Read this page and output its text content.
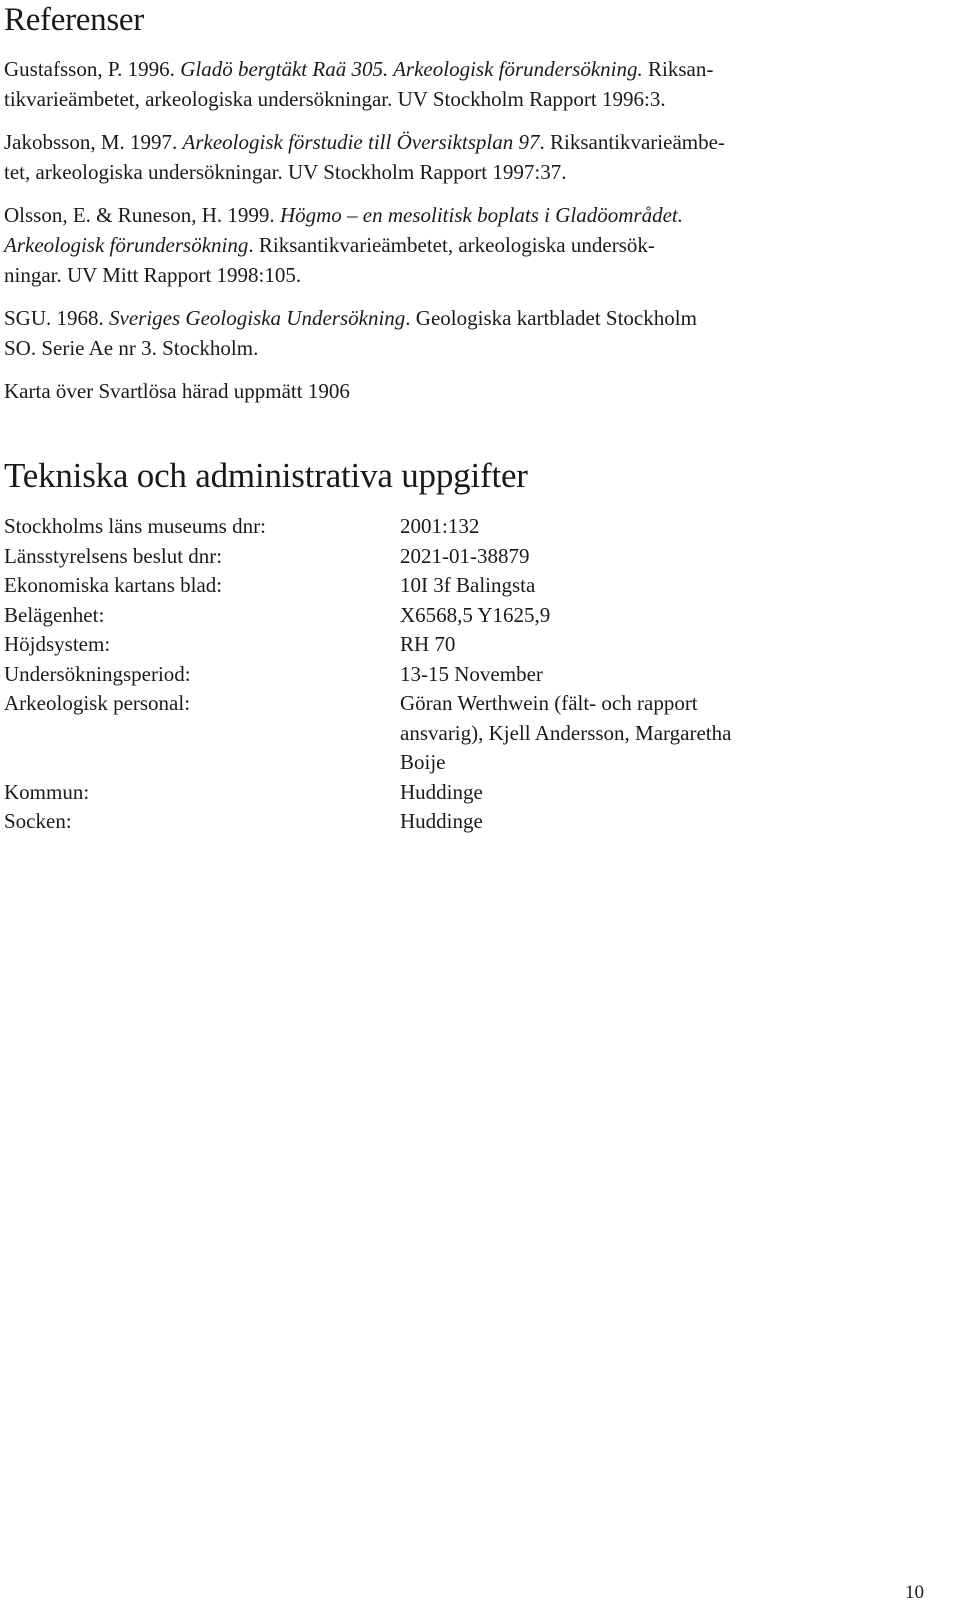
Referenser
Gustafsson, P. 1996. Gladö bergtäkt Raä 305. Arkeologisk förundersökning. Riksan-
tikvarieämbetet, arkeologiska undersökningar. UV Stockholm Rapport 1996:3.
Jakobsson, M. 1997. Arkeologisk förstudie till Översiktsplan 97. Riksantikvarieämbe-
tet, arkeologiska undersökningar. UV Stockholm Rapport 1997:37.
Olsson, E. & Runeson, H. 1999. Högmo – en mesolitisk boplats i Gladöområdet.
Arkeologisk förundersökning. Riksantikvarieämbetet, arkeologiska undersök-
ningar. UV Mitt Rapport 1998:105.
SGU. 1968. Sveriges Geologiska Undersökning. Geologiska kartbladet Stockholm
SO. Serie Ae nr 3. Stockholm.
Karta över Svartlösa härad uppmätt 1906
Tekniska och administrativa uppgifter
Stockholms läns museums dnr:	2001:132
Länsstyrelsens beslut dnr:	2021-01-38879
Ekonomiska kartans blad:	10I 3f Balingsta
Belägenhet:	X6568,5 Y1625,9
Höjdsystem:	RH 70
Undersökningsperiod:	13-15 November
Arkeologisk personal:	Göran Werthwein (fält- och rapport
ansvarig), Kjell Andersson, Margaretha
Boije
Kommun:	Huddinge
Socken:	Huddinge
10
